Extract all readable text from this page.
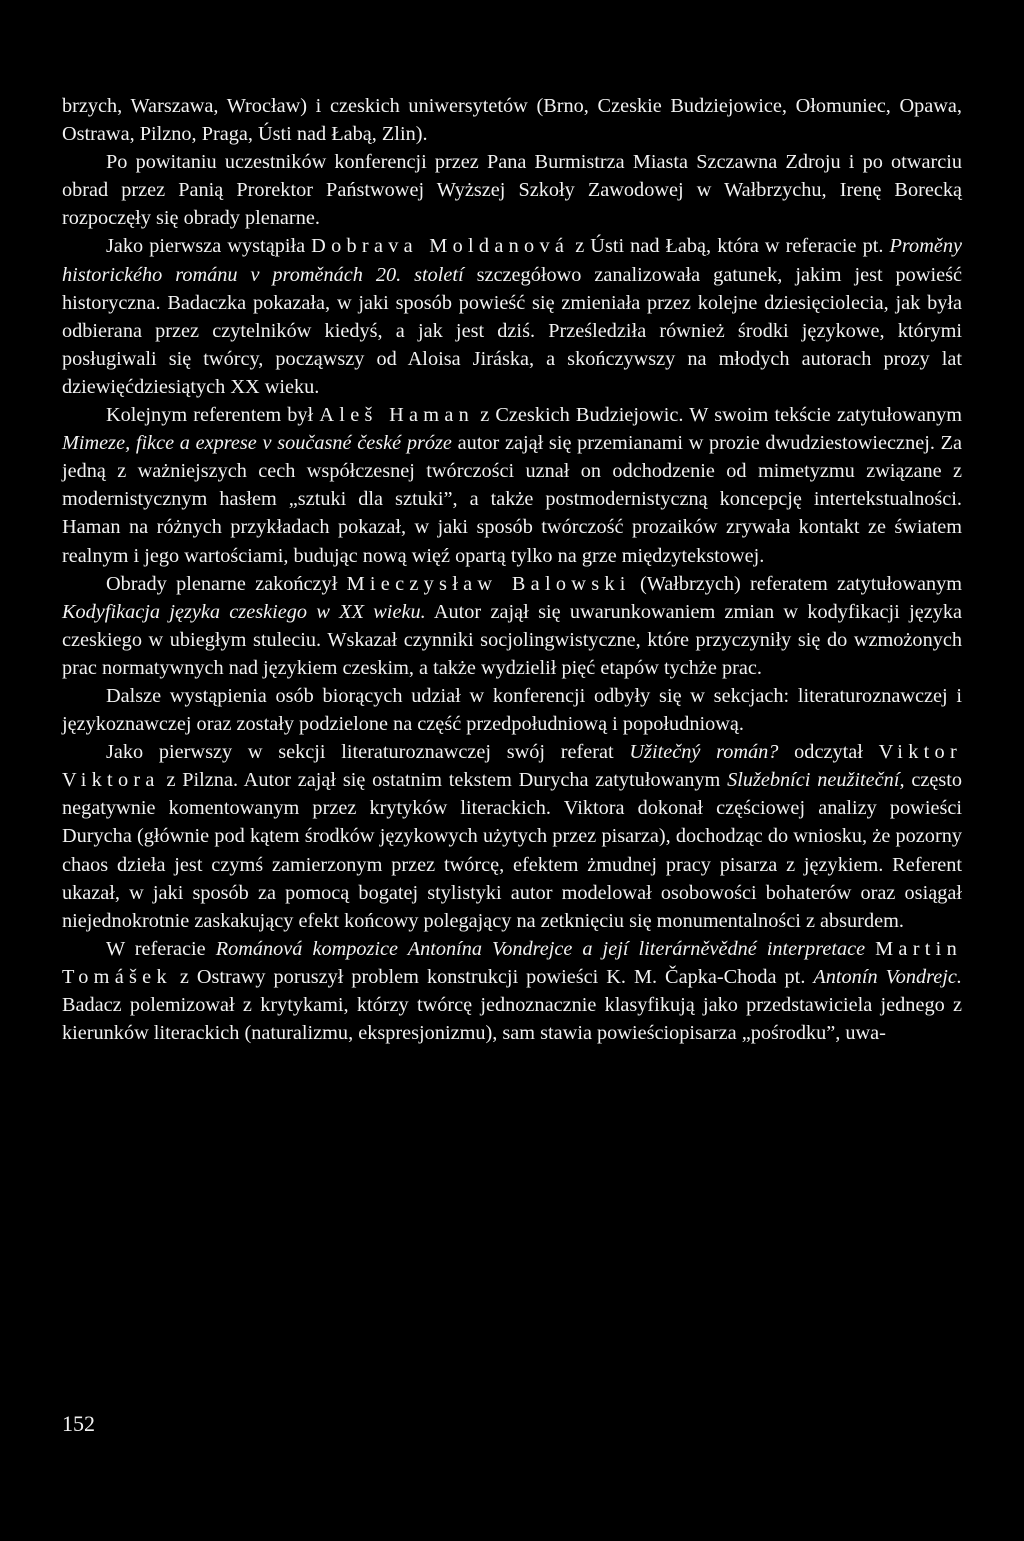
brzych, Warszawa, Wrocław) i czeskich uniwersytetów (Brno, Czeskie Budziejowice, Ołomuniec, Opawa, Ostrawa, Pilzno, Praga, Ústi nad Łabą, Zlin).

Po powitaniu uczestników konferencji przez Pana Burmistrza Miasta Szczawna Zdroju i po otwarciu obrad przez Panią Prorektor Państwowej Wyższej Szkoły Zawodowej w Wałbrzychu, Irenę Borecką rozpoczęły się obrady plenarne.

Jako pierwsza wystąpiła Dobrava Moldanová z Ústi nad Łabą, która w referacie pt. Proměny historického románu v proměnách 20. století szczegółowo zanalizowała gatunek, jakim jest powieść historyczna. Badaczka pokazała, w jaki sposób powieść się zmieniała przez kolejne dziesięciolecia, jak była odbierana przez czytelników kiedyś, a jak jest dziś. Prześledziła również środki językowe, którymi posługiwali się twórcy, począwszy od Aloisa Jiráska, a skończywszy na młodych autorach prozy lat dziewięćdziesiątych XX wieku.

Kolejnym referentem był Aleš Haman z Czeskich Budziejowic. W swoim tekście zatytułowanym Mimeze, fikce a exprese v současné české próze autor zajął się przemianami w prozie dwudziestowiecznej. Za jedną z ważniejszych cech współczesnej twórczości uznał on odchodzenie od mimetyzmu związane z modernistycznym hasłem „sztuki dla sztuki”, a także postmodernistyczną koncepcję intertekstualności. Haman na różnych przykładach pokazał, w jaki sposób twórczość prozaików zrywała kontakt ze światem realnym i jego wartościami, budując nową więź opartą tylko na grze międzytekstowej.

Obrady plenarne zakończył Mieczysław Balowski (Wałbrzych) referatem zatytułowanym Kodyfikacja języka czeskiego w XX wieku. Autor zajął się uwarunkowaniem zmian w kodyfikacji języka czeskiego w ubiegłym stuleciu. Wskazał czynniki socjolingwistyczne, które przyczyniły się do wzmożonych prac normatywnych nad językiem czeskim, a także wydzielił pięć etapów tychże prac.

Dalsze wystąpienia osób biorących udział w konferencji odbyły się w sekcjach: literaturoznawczej i językoznawczej oraz zostały podzielone na część przedpołudniową i popołudniową.

Jako pierwszy w sekcji literaturoznawczej swój referat Užitečný román? odczytał Viktor Viktora z Pilzna. Autor zajął się ostatnim tekstem Durycha zatytułowanym Služebníci neužiteční, często negatywnie komentowanym przez krytyków literackich. Viktora dokonał częściowej analizy powieści Durycha (głównie pod kątem środków językowych użytych przez pisarza), dochodząc do wniosku, że pozorny chaos dzieła jest czymś zamierzonym przez twórcę, efektem żmudnej pracy pisarza z językiem. Referent ukazał, w jaki sposób za pomocą bogatej stylistyki autor modelował osobowości bohaterów oraz osiągał niejednokrotnie zaskakujący efekt końcowy polegający na zetknięciu się monumentalności z absurdem.

W referacie Románová kompozice Antonína Vondrejce a její literárněvědné interpretace Martin Tomášek z Ostrawy poruszył problem konstrukcji powieści K. M. Čapka-Choda pt. Antonín Vondrejc. Badacz polemizował z krytykami, którzy twórcę jednoznacznie klasyfikują jako przedstawiciela jednego z kierunków literackich (naturalizmu, ekspresjonizmu), sam stawia powieściopisarza „pośrodku”, uwa-

152
